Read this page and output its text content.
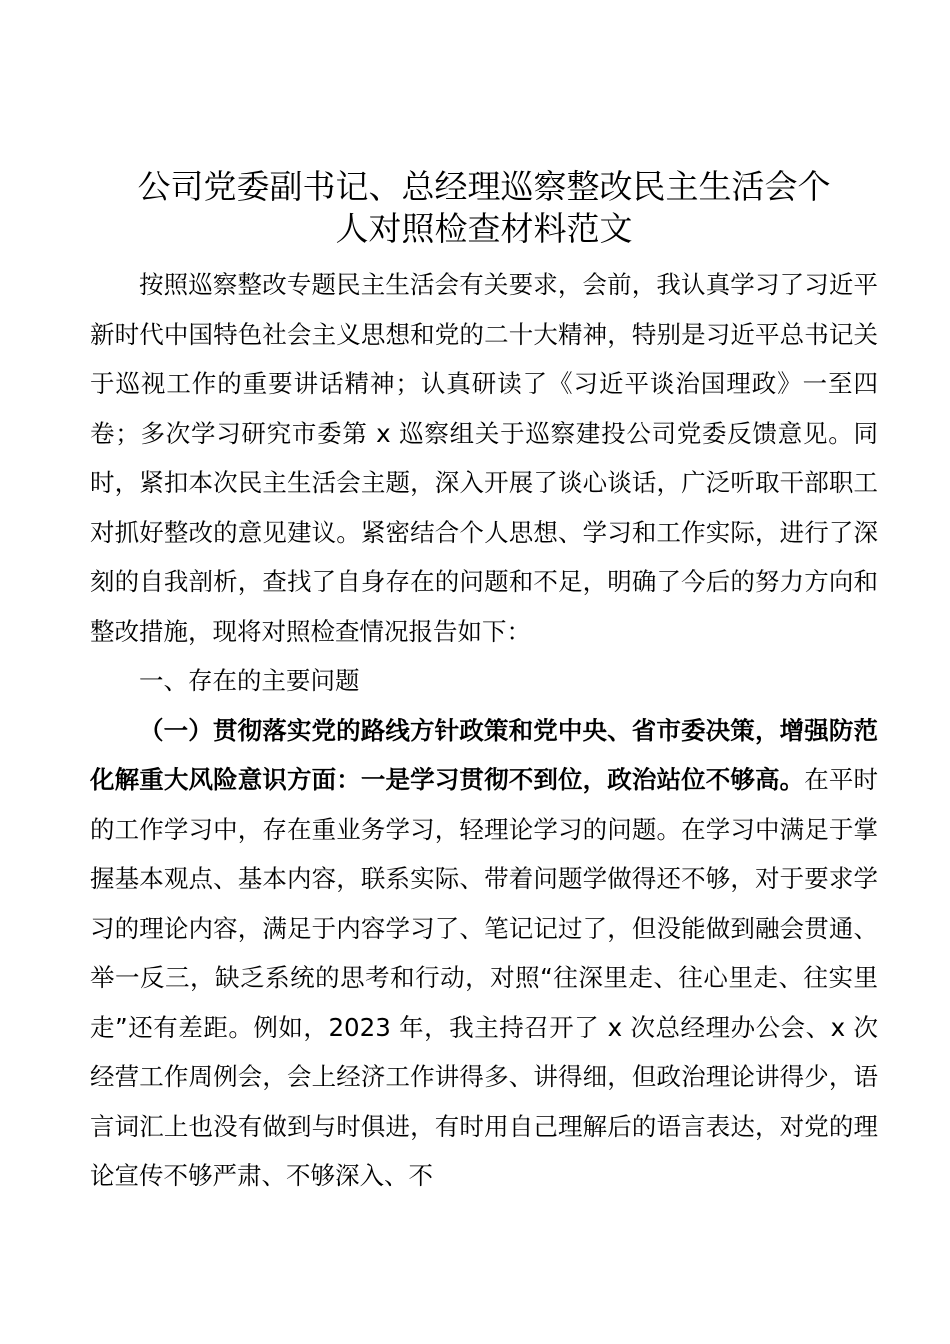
公司党委副书记、总经理巡察整改民主生活会个
人对照检查材料范文

按照巡察整改专题民主生活会有关要求，会前，我认真学习了习近平新时代中国特色社会主义思想和党的二十大精神，特别是习近平总书记关于巡视工作的重要讲话精神；认真研读了《习近平谈治国理政》一至四卷；多次学习研究市委第 x 巡察组关于巡察建投公司党委反馈意见。同时，紧扣本次民主生活会主题，深入开展了谈心谈话，广泛听取干部职工对抓好整改的意见建议。紧密结合个人思想、学习和工作实际，进行了深刻的自我剖析，查找了自身存在的问题和不足，明确了今后的努力方向和整改措施，现将对照检查情况报告如下：

一、存在的主要问题

（一）贯彻落实党的路线方针政策和党中央、省市委决策，增强防范化解重大风险意识方面：一是学习贯彻不到位，政治站位不够高。在平时的工作学习中，存在重业务学习，轻理论学习的问题。在学习中满足于掌握基本观点、基本内容，联系实际、带着问题学做得还不够，对于要求学习的理论内容，满足于内容学习了、笔记记过了，但没能做到融会贯通、举一反三，缺乏系统的思考和行动，对照“往深里走、往心里走、往实里走”还有差距。例如，2023 年，我主持召开了 x 次总经理办公会、x 次经营工作周例会，会上经济工作讲得多、讲得细，但政治理论讲得少，语言词汇上也没有做到与时俱进，有时用自己理解后的语言表达，对党的理论宣传不够严肃、不够深入、不
